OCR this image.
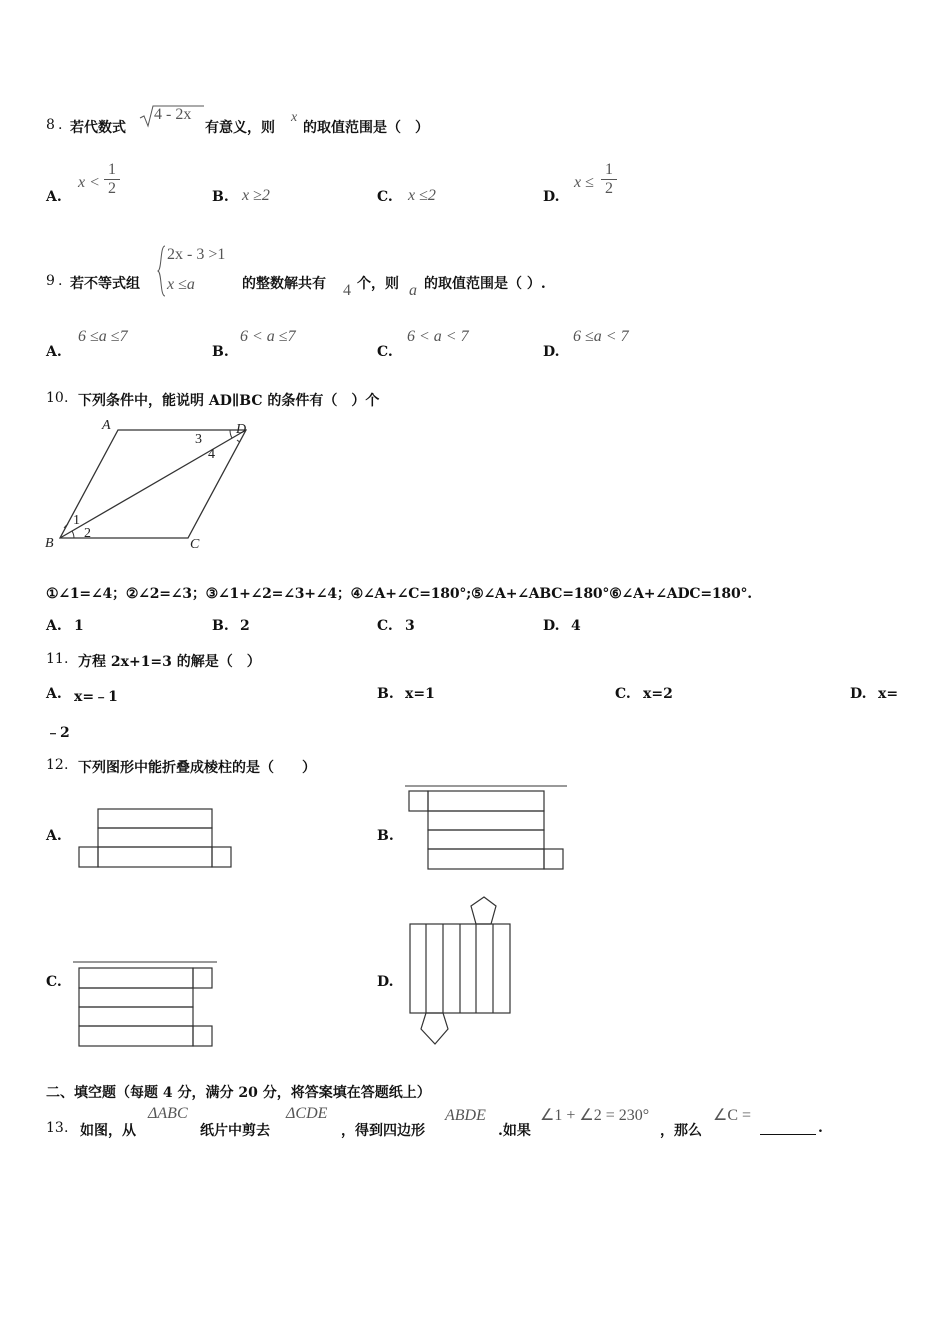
8 . 若代数式
4 - 2x
有意义，则
x
的取值范围是（　）
A.
$x < \frac{1}{2}$	B. x ≥2	C. x ≤2	D.
$x \le \frac{1}{2}$
9 . 若不等式组
2x - 3 >1
x ≤a	的整数解共有 4 个，则 a 的取值范围是（ ）.
A.
6 ≤a ≤7
B.
6 < a ≤7
C.
6 < a < 7
D.
6 ≤a < 7
10 . 下列条件中，能说明 AD∥BC 的条件有（　）个
A	D
B	C
1
2
3
4
①∠1=∠4；②∠2=∠3；③∠1+∠2=∠3+∠4；④∠A+∠C=180°;⑤∠A+∠ABC=180°⑥∠A+∠ADC=180°.
A. 1	B. 2	C. 3	D. 4
11 . 方程 2x+1=3 的解是（　）
A. x=﹣1	B. x=1	C. x=2	D. x=
﹣2
12 . 下列图形中能折叠成棱柱的是（　　）
A.	B.
C.	D.
二、填空题（每题 4 分，满分 20 分，将答案填在答题纸上）
13 . 如图，从
ΔABC
纸片中剪去
ΔCDE
，得到四边形
ABDE
.如果
∠1 + ∠2 = 230°
，那么
∠C =
.
